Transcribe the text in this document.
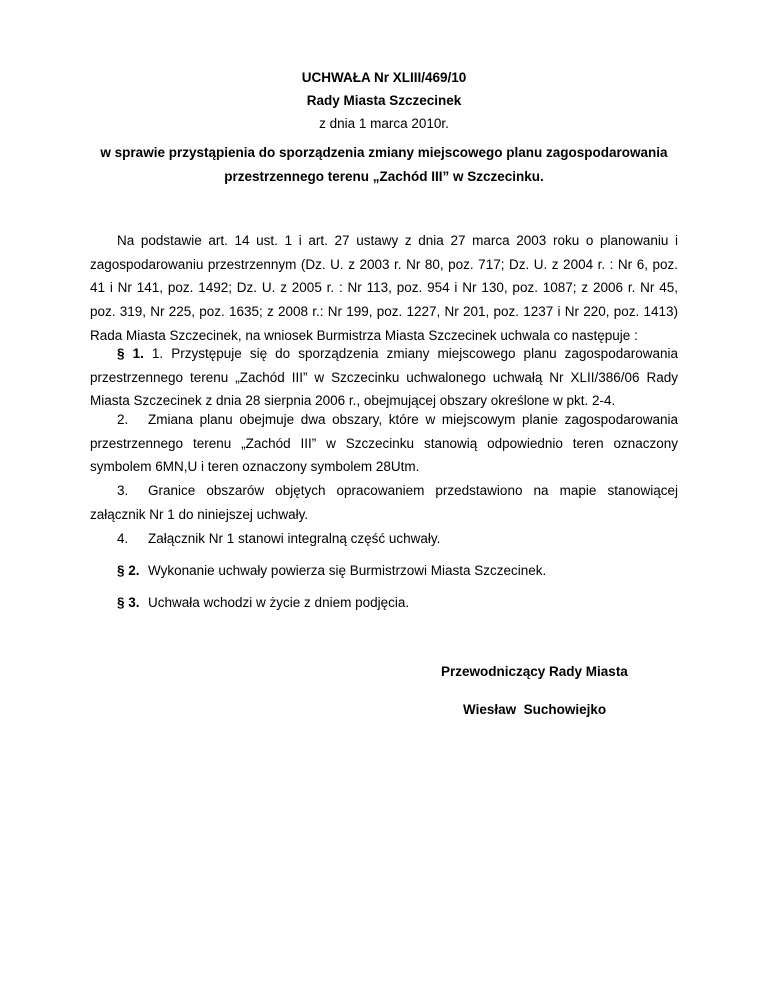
UCHWAŁA Nr XLIII/469/10
Rady Miasta Szczecinek
z dnia 1 marca 2010r.
w sprawie przystąpienia do sporządzenia zmiany miejscowego planu zagospodarowania
przestrzennego terenu „Zachód III” w Szczecinku.
Na podstawie art. 14 ust. 1 i art. 27 ustawy z dnia 27 marca 2003 roku o planowaniu i zagospodarowaniu przestrzennym (Dz. U. z 2003 r. Nr 80, poz. 717; Dz. U. z 2004 r. : Nr 6, poz. 41 i Nr 141, poz. 1492; Dz. U. z 2005 r. : Nr 113, poz. 954 i Nr 130, poz. 1087; z 2006 r. Nr 45, poz. 319, Nr 225, poz. 1635; z 2008 r.: Nr 199, poz. 1227, Nr 201, poz. 1237 i Nr 220, poz. 1413) Rada Miasta Szczecinek, na wniosek Burmistrza Miasta Szczecinek uchwala co następuje :
§ 1. 1. Przystępuje się do sporządzenia zmiany miejscowego planu zagospodarowania przestrzennego terenu „Zachód III” w Szczecinku uchwalonego uchwałą Nr XLII/386/06 Rady Miasta Szczecinek z dnia 28 sierpnia 2006 r., obejmującej obszary określone w pkt. 2-4.
2. Zmiana planu obejmuje dwa obszary, które w miejscowym planie zagospodarowania przestrzennego terenu „Zachód III” w Szczecinku stanowią odpowiednio teren oznaczony symbolem 6MN,U i teren oznaczony symbolem 28Utm.
3. Granice obszarów objętych opracowaniem przedstawiono na mapie stanowiącej załącznik Nr 1 do niniejszej uchwały.
4. Załącznik Nr 1 stanowi integralną część uchwały.
§ 2. Wykonanie uchwały powierza się Burmistrzowi Miasta Szczecinek.
§ 3. Uchwała wchodzi w życie z dniem podjęcia.
Przewodniczący Rady Miasta
Wiesław  Suchowiejko
